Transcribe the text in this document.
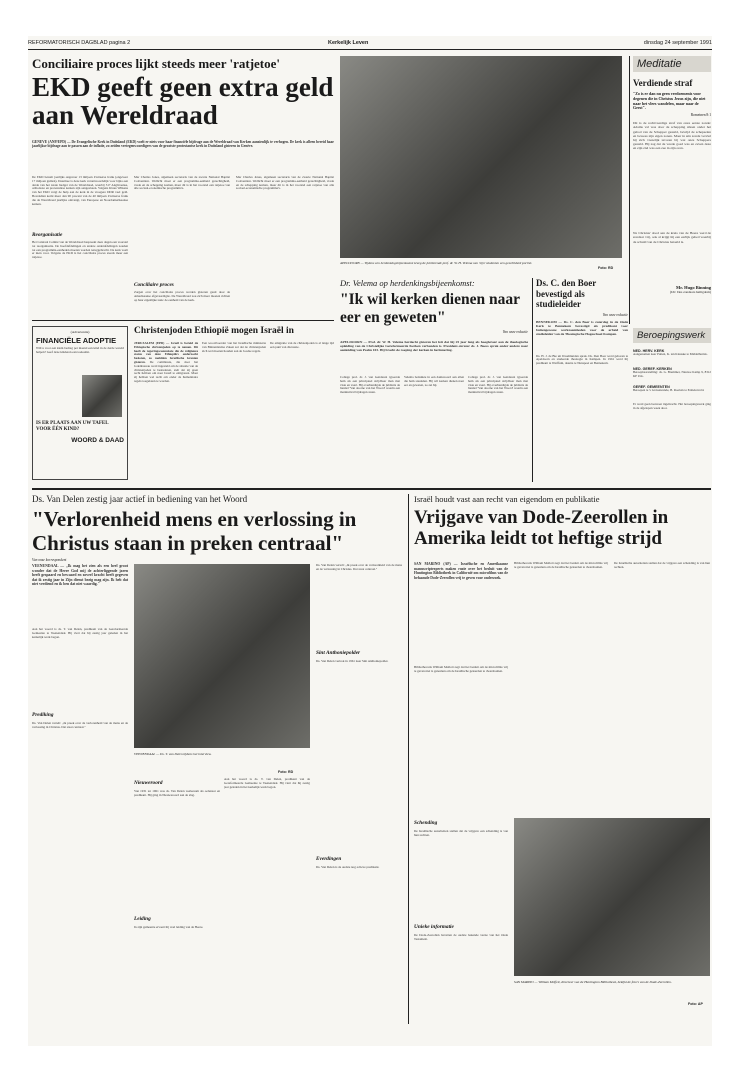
REFORMATORISCH DAGBLAD pagina 2	Kerkelijk Leven	dinsdag 24 september 1991
Conciliaire proces lijkt steeds meer 'ratjetoe'
EKD geeft geen extra geld aan Wereldraad
GENEVE (ANP/EPD) — De Evangelische Kerk in Duitsland (EKD) voelt er niets voor haar financiële bijdrage aan de Wereldraad van Kerken aanzienlijk te verhogen. De kerk is alleen bereid haar jaarlijkse bijdrage aan te passen aan de inflatie, zo zeiden vertegenwoordigers van de grootste protestantse kerk in Duitsland gisteren in Genève.
De EKD betaalt jaarlijks ongeveer 13 miljoen Zwitserse frank (ongeveer 17 miljoen gulden). Daarmee is deze kerk verantwoordelijk voor bijna een derde van het totale budget van de Wereldraad, waarbij 317 Anglicaanse, orthodoxe en protestantse kerken zijn aangesloten. Volgens Klaus Wilkens van het EKD vergt de hulp aan de kerk in de vroegere DDR veel geld. Bovendien komt meer dan 90 procent van de 40 miljoen Zwitserse frank die de Wereldraad jaarlijks ontvangt, van Europese en Noordamerikaanse kerken.
Reorganisatie
Het Centraal Comité van de Wereldraad bespreekt deze dagen een voorstel tot reorganisatie. De hoofdafdelingen en andere onderafdelingen zouden tot een programma-eenheden moeten worden teruggebracht. De kerk voelt er niets voor. Volgens de EKD is het conciliaire proces steeds meer een ratjetoe.
Mar Charles Jones, algemeen secretaris van de zwarte National Baptist Convention. Wellicht moet er een programma-eenheid gerechtigheid, vrede en de schepping komen, maar dit is in het voorstel een ratjetoe van alle sociaal-economische programma's.
Conciliaire proces
Zorgen over het conciliaire proces werden gisteren geuit door de Amerikaanse afgevaardigde. De Wereldraad zou zich meer moeten richten op haar eigenlijke taak: de eenheid van de kerk.
Mar Charles Jones, algemeen secretaris van de zwarte National Baptist Convention. Wellicht moet er een programma-eenheid gerechtigheid, vrede en de schepping komen, maar dit is in het voorstel een ratjetoe van alle sociaal-economische programma's.
APELDOORN — Tijdens een herdenkingsbijeenkomst kreeg de jubilerende prof. dr. W. H. Velema van 'zijn' studenten een geschilderd portret.
Foto: RD
Meditatie
Verdiende straf
"Zo is er dan nu geen verdoemenis voor degenen die in Christus Jezus zijn, die niet naar het vlees wandelen, maar naar de Geest".
Romeinen 8:1
Dit is de rechtvaardige straf van onze eerste zonde: Adams val was door de schepping alleen onder het gebod van de Schepper gesteld, bevrijd de schepselen en bewees zijn eigen zonen. Maar in één zonde verviel hij zich vrezelijk tevoren bij wat onze Scheppers gesteld. Hij zag dat de wrede goed was en zeven deze en zijn ziel was een zee in zijn oren.
Na Christus' dood aan de kruis van de Heere werd de zondaar vrij, ook al krijgt hij een eerlijk gebed waarbij de schuld van de Christus betaald is.
Mr. Hugo Binning
(Uit: Des zondaars heiligdom)
Dr. Velema op herdenkingsbijeenkomst:
"Ik wil kerken dienen naar eer en geweten"
Van onze redactie
APELDOORN — Prof. dr. W. H. Velema herdacht gisteren het feit dat hij 25 jaar lang als hoogleraar aan de theologische opleiding van de Christelijke Gereformeerde Kerken verbonden is. President-curator ds. J. Boess sprak onder andere naar aanleiding van Psalm 103. Hij bracht de roeping der kerken in herinnering.
College prof. dr. J. van Genderen typeerde hem als een principieel strijdbaar man met visie en vaart. Hij overhandigde de jubilaris de bundel 'Van doorne van het Woord' waarin een marktuitval bijdragen staan.
Velema bedankte in een dankwoord aan allen die hem steunden. Hij wil kerken dienen naar eer en geweten, zo zei hij.
College prof. dr. J. van Genderen typeerde hem als een principieel strijdbaar man met visie en vaart. Hij overhandigde de jubilaris de bundel 'Van doorne van het Woord' waarin een marktuitval bijdragen staan.
Ds. C. den Boer bevestigd als studieleider
Van onze redactie
BENNEKOM — Ds. C. den Boer is zaterdag in de Oude Kerk te Bennekom bevestigd als predikant voor buitengewone werkzaamheden voor de arbeid van studieleider van de Theologische Hogeschool Kampen.
Ds. H. J. de Bie uit IJsselmuiden sprak. Ds. Den Boer werd geboren te Apeldoorn en studeerde theologie in Kampen. In 1961 werd hij predikant te Warffum, daarna te Nunspeet en Bennekom.
Beroepingswerk
NED. HERV. KERK
Aangenomen naar Putten, K. ten Kleuske te Middelharnis.
NED. GEREF. KERKEN
Beroepbaarstelling: ds. G. Bremmer, Nieuwe Kamp 9, 8312 KP Urk.
GEREF. GEMEENTEN
Beroepen te 's Gravenzande, B. Roelofs te Ermelerveld.
Er werd geen bezwaar ingebracht. Het beroepingswerk ging in de afgelopen week door.
(Advertentie)
FINANCIËLE ADOPTIE
Wilt u voor een klein bedrag per maand een kind in de derde wereld helpen? Geef deze kinderen een toekomst.
IS ER PLAATS AAN UW TAFEL VOOR ÉÉN KIND?
WOORD & DAAD
Christenjoden Ethiopië mogen Israël in
JERUZALEM (EPD) — Israël is bereid de Ethiopische christenjoden op te nemen. Dit heeft de regeringscommissie die de religieuze status van deze Ethiopiërs onderzocht besloten, zo meldden Israëlische kranten gisteren. De commissie, die door het Jodenbureau werd ingesteld om de situatie van de christenjoden te bestuderen, stelt dat zij geen recht hebben om naar Israël te emigreren. Maar zij hebben wel recht om onder de humanitaire regels toegelaten te worden.
Een woordvoerder van het Israëlische ministerie van Binnenlandse Zaken zei dat de christenjoden zich wel moeten houden aan de Joodse regels.
De emigratie van de christenjoden is al lange tijd een punt van discussie.
Ds. Van Delen zestig jaar actief in bediening van het Woord
"Verlorenheid mens en verlossing in Christus staan in preken centraal"
Van onze korrespondent
VEENENDAAL — „Ik mag het zien als een heel groot wonder dat de Heere God mij de achterliggende jaren heeft gespaard en bewaard en zoveel kracht heeft gegeven dat ik zestig jaar in Zijn dienst bezig mag zijn. Ik heb dat niet verdiend en ik ben dat niet waardig."
Aan het woord is ds. T. van Delen, predikant van de Gereformeerde Gemeente te Veenendaal. Hij viert dat hij zestig jaar geleden in het kerkelijk werk begon.
Prediking
Ds. Van Delen vertelt: „Ik preek over de verlorenheid van de mens en de verlossing in Christus. Dat staat centraal."
VEENENDAAL — Ds. T. van Delen tijdens het interview.
Foto: RD
Nieuweroord
Van 1931 tot 1961 was ds. Van Delen werkzaam als oefenaar en predikant. Hij ging in Nieuweroord aan de slag.
Leiding
In zijn gemeente ervaart hij veel leiding van de Heere.
Aan het woord is ds. T. van Delen, predikant van de Gereformeerde Gemeente te Veenendaal. Hij viert dat hij zestig jaar geleden in het kerkelijk werk begon.
Sint Anthoniepolder
Ds. Van Delen vertelt: „Ik preek over de verlorenheid van de mens en de verlossing in Christus. Dat staat centraal."
Ds. Van Delen vertrok in 1961 naar Sint Anthoniepolder.
Everdingen
Ds. Van Delen is de oudste nog actieve predikant.
Israël houdt vast aan recht van eigendom en publikatie
Vrijgave van Dode-Zeerollen in Amerika leidt tot heftige strijd
SAN MARINO (AP) — Israëlische en Amerikaanse manuscriptexperts maken ruzie over het besluit van de Huntington Bibliotheek in Californië om microfilms van de befaamde Dode-Zeerollen vrij te geven voor onderzoek.
Bibliothecaris William Moffett zegt dat het besluit om de microfilms vrij te geven niet is genomen om de Israëlische geleerden te dwarsbomen.
Schending
De Israëlische autoriteiten stellen dat de vrijgave een schending is van hun rechten.
Unieke informatie
De Dode-Zeerollen bevatten de oudste bekende versie van het Oude Testament.
Bibliothecaris William Moffett zegt dat het besluit om de microfilms vrij te geven niet is genomen om de Israëlische geleerden te dwarsbomen.
De Israëlische autoriteiten stellen dat de vrijgave een schending is van hun rechten.
SAN MARINO — William Moffett, directeur van de Huntington Bibliotheek, bekijkt de foto's van de Dode-Zeerollen.
Foto: AP
